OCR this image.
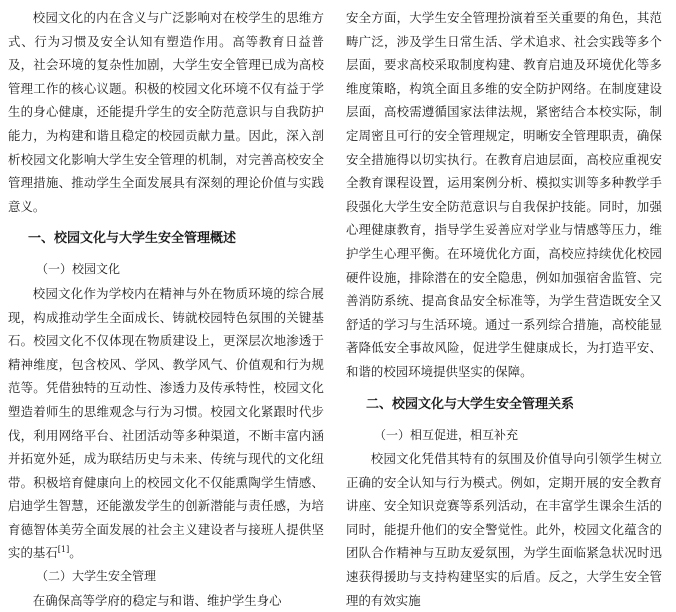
校园文化的内在含义与广泛影响对在校学生的思维方式、行为习惯及安全认知有塑造作用。高等教育日益普及，社会环境的复杂性加剧，大学生安全管理已成为高校管理工作的核心议题。积极的校园文化环境不仅有益于学生的身心健康，还能提升学生的安全防范意识与自我防护能力，为构建和谐且稳定的校园贡献力量。因此，深入剖析校园文化影响大学生安全管理的机制，对完善高校安全管理措施、推动学生全面发展具有深刻的理论价值与实践意义。

一、校园文化与大学生安全管理概述
（一）校园文化

校园文化作为学校内在精神与外在物质环境的综合展现，构成推动学生全面成长、铸就校园特色氛围的关键基石。校园文化不仅体现在物质建设上，更深层次地渗透于精神维度，包含校风、学风、教学风气、价值观和行为规范等。凭借独特的互动性、渗透力及传承特性，校园文化塑造着师生的思维观念与行为习惯。校园文化紧跟时代步伐，利用网络平台、社团活动等多种渠道，不断丰富内涵并拓宽外延，成为联结历史与未来、传统与现代的文化纽带。积极培育健康向上的校园文化不仅能熏陶学生情感、启迪学生智慧，还能激发学生的创新潜能与责任感，为培育德智体美劳全面发展的社会主义建设者与接班人提供坚实的基石[1]。

（二）大学生安全管理

在确保高等学府的稳定与和谐、维护学生身心

安全方面，大学生安全管理扮演着至关重要的角色，其范畴广泛，涉及学生日常生活、学术追求、社会实践等多个层面，要求高校采取制度构建、教育启迪及环境优化等多维度策略，构筑全面且多维的安全防护网络。在制度建设层面，高校需遵循国家法律法规，紧密结合本校实际，制定周密且可行的安全管理规定，明晰安全管理职责，确保安全措施得以切实执行。在教育启迪层面，高校应重视安全教育课程设置，运用案例分析、模拟实训等多种教学手段强化大学生安全防范意识与自我保护技能。同时，加强心理健康教育，指导学生妥善应对学业与情感等压力，维护学生心理平衡。在环境优化方面，高校应持续优化校园硬件设施，排除潜在的安全隐患，例如加强宿舍监管、完善消防系统、提高食品安全标准等，为学生营造既安全又舒适的学习与生活环境。通过一系列综合措施，高校能显著降低安全事故风险，促进学生健康成长，为打造平安、和谐的校园环境提供坚实的保障。

二、校园文化与大学生安全管理关系
（一）相互促进，相互补充

校园文化凭借其特有的氛围及价值导向引领学生树立正确的安全认知与行为模式。例如，定期开展的安全教育讲座、安全知识竞赛等系列活动，在丰富学生课余生活的同时，能提升他们的安全警觉性。此外，校园文化蕴含的团队合作精神与互助友爱氛围，为学生面临紧急状况时迅速获得援助与支持构建坚实的后盾。反之，大学生安全管理的有效实施
